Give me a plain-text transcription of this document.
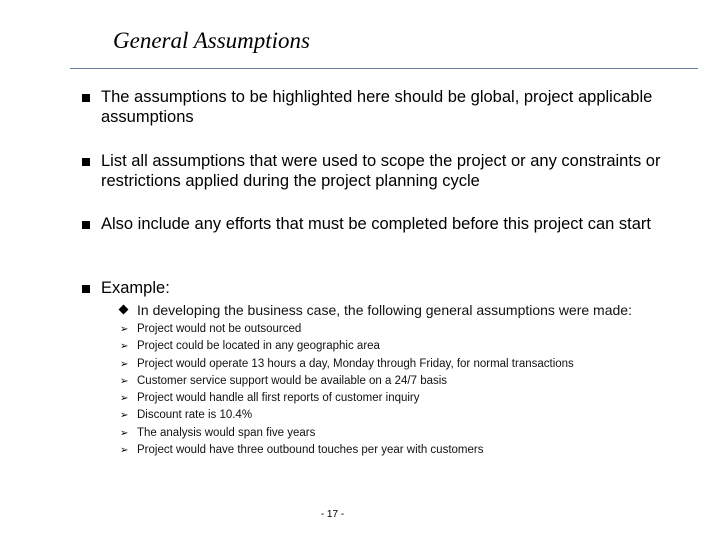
General Assumptions
The assumptions to be highlighted here should be global, project applicable assumptions
List all assumptions that were used to scope the project or any constraints or restrictions applied during the project planning cycle
Also include any efforts that must be completed before this project can start
Example:
In developing the business case, the following general assumptions were made:
➢ Project would not be outsourced
➢ Project could be located in any geographic area
➢ Project would operate 13 hours a day, Monday through Friday, for normal transactions
➢ Customer service support would be available on a 24/7 basis
➢ Project would handle all first reports of customer inquiry
➢ Discount rate is 10.4%
➢ The analysis would span five years
➢ Project would have three outbound touches per year with customers
- 17 -
